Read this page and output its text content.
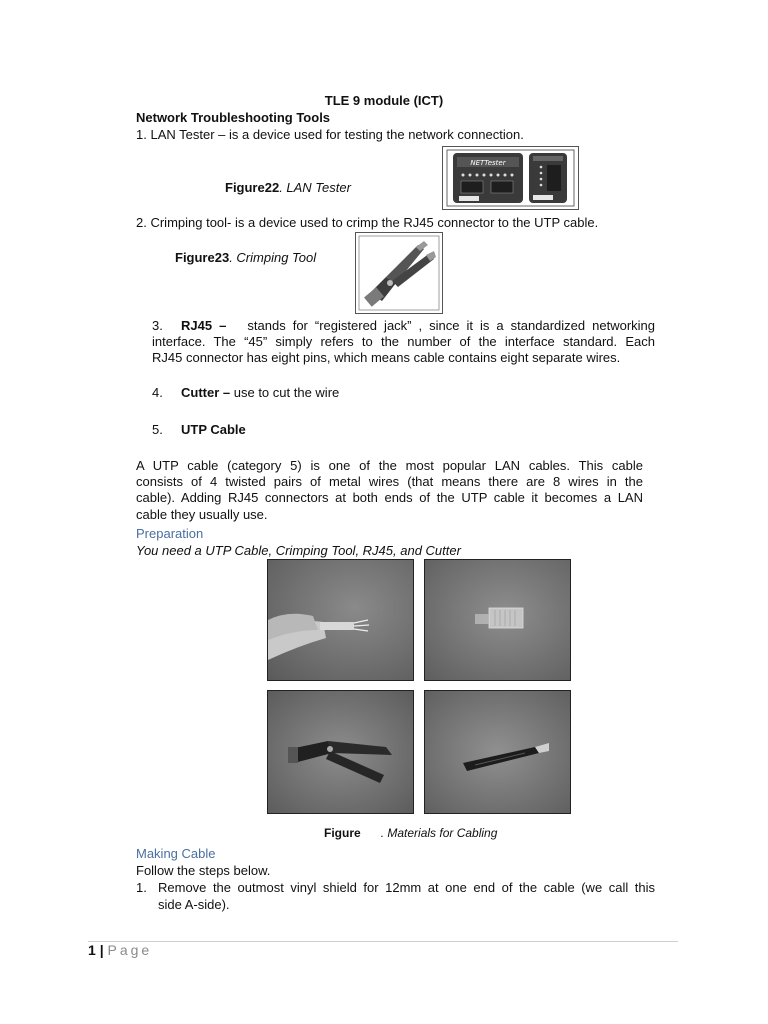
TLE 9 module (ICT)
Network Troubleshooting Tools
1. LAN Tester – is a device used for testing the network connection.
Figure22. LAN Tester
NETTester
2. Crimping tool- is a device used to crimp the RJ45 connector to the UTP cable.
Figure23. Crimping Tool
3. RJ45 – stands for “registered jack” , since it is a standardized networking
interface. The “45” simply refers to the number of the interface standard. Each
RJ45 connector has eight pins, which means cable contains eight separate wires.
4. Cutter – use to cut the wire
5. UTP Cable
A UTP cable (category 5) is one of the most popular LAN cables. This cable
consists of 4 twisted pairs of metal wires (that means there are 8 wires in the
cable). Adding RJ45 connectors at both ends of the UTP cable it becomes a LAN
cable they usually use.
Preparation
You need a UTP Cable, Crimping Tool, RJ45, and Cutter
Figure . Materials for Cabling
Making Cable
Follow the steps below.
1. Remove the outmost vinyl shield for 12mm at one end of the cable (we call this
side A-side).
1 | Page
